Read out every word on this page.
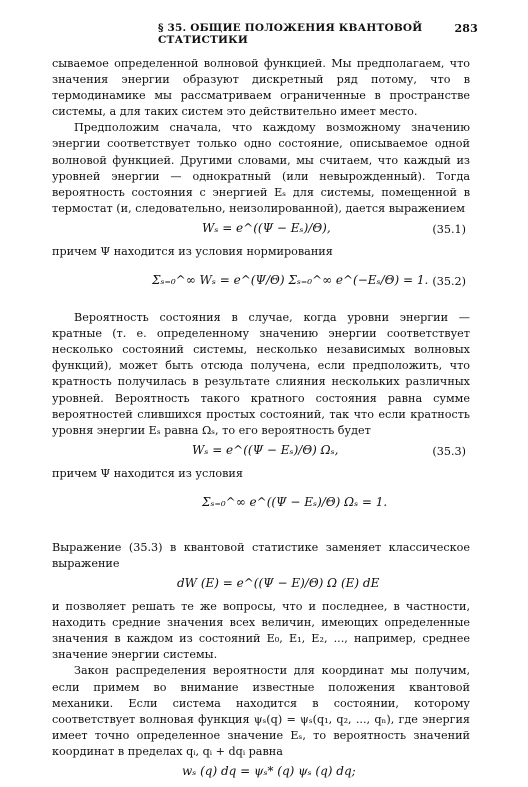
§ 35. ОБЩИЕ ПОЛОЖЕНИЯ КВАНТОВОЙ СТАТИСТИКИ
283

сываемое определенной волновой функцией. Мы предполагаем, что значения энергии образуют дискретный ряд потому, что в термодинамике мы рассматриваем ограниченные в пространстве системы, а для таких систем это действительно имеет место.

Предположим сначала, что каждому возможному значению энергии соответствует только одно состояние, описываемое одной волновой функцией. Другими словами, мы считаем, что каждый из уровней энергии — однократный (или невырожденный). Тогда вероятность состояния с энергией Eₛ для системы, помещенной в термостат (и, следовательно, неизолированной), дается выражением

Wₛ = e^((Ψ − Eₛ)/Θ),	(35.1)

причем Ψ находится из условия нормирования

Σₛ₌₀^∞ Wₛ = e^(Ψ/Θ) Σₛ₌₀^∞ e^(−Eₛ/Θ) = 1. (35.2)

Вероятность состояния в случае, когда уровни энергии — кратные (т. е. определенному значению энергии соответствует несколько состояний системы, несколько независимых волновых функций), может быть отсюда получена, если предположить, что кратность получилась в результате слияния нескольких различных уровней. Вероятность такого кратного состояния равна сумме вероятностей слившихся простых состояний, так что если кратность уровня энергии Eₛ равна Ωₛ, то его вероятность будет

Wₛ = e^((Ψ − Eₛ)/Θ) Ωₛ,	(35.3)

причем Ψ находится из условия

Σₛ₌₀^∞ e^((Ψ − Eₛ)/Θ) Ωₛ = 1.

Выражение (35.3) в квантовой статистике заменяет классическое выражение

dW (E) = e^((Ψ − E)/Θ) Ω (E) dE

и позволяет решать те же вопросы, что и последнее, в частности, находить средние значения всех величин, имеющих определенные значения в каждом из состояний E₀, E₁, E₂, ..., например, среднее значение энергии системы.

Закон распределения вероятности для координат мы получим, если примем во внимание известные положения квантовой механики. Если система находится в состоянии, которому соответствует волновая функция ψₛ(q) = ψₛ(q₁, q₂, ..., qₙ), где энергия имеет точно определенное значение Eₛ, то вероятность значений координат в пределах qᵢ, qᵢ + dqᵢ равна

wₛ (q) dq = ψₛ* (q) ψₛ (q) dq;
